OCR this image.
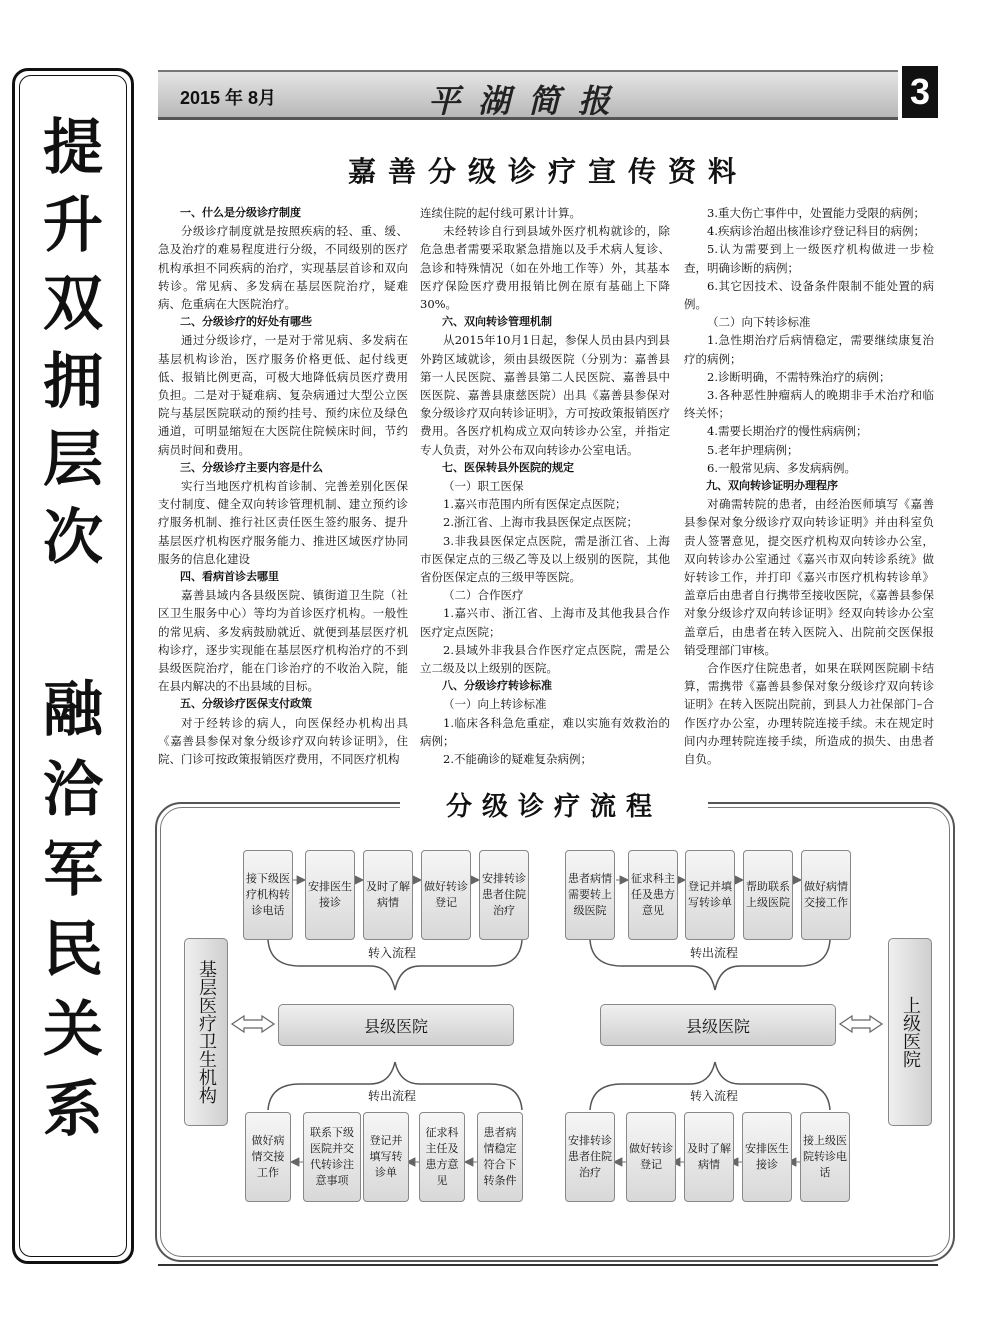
提
升
双
拥
层
次
融
洽
军
民
关
系
2015 年 8月	平湖简报	3
嘉善分级诊疗宣传资料

一、什么是分级诊疗制度

分级诊疗制度就是按照疾病的轻、重、缓、急及治疗的难易程度进行分级，不同级别的医疗机构承担不同疾病的治疗，实现基层首诊和双向转诊。常见病、多发病在基层医院治疗，疑难病、危重病在大医院治疗。

二、分级诊疗的好处有哪些

通过分级诊疗，一是对于常见病、多发病在基层机构诊治，医疗服务价格更低、起付线更低、报销比例更高，可极大地降低病员医疗费用负担。二是对于疑难病、复杂病通过大型公立医院与基层医院联动的预约挂号、预约床位及绿色通道，可明显缩短在大医院住院候床时间，节约病员时间和费用。

三、分级诊疗主要内容是什么

实行当地医疗机构首诊制、完善差别化医保支付制度、健全双向转诊管理机制、建立预约诊疗服务机制、推行社区责任医生签约服务、提升基层医疗机构医疗服务能力、推进区域医疗协同服务的信息化建设

四、看病首诊去哪里

嘉善县域内各县级医院、镇街道卫生院（社区卫生服务中心）等均为首诊医疗机构。一般性的常见病、多发病鼓励就近、就便到基层医疗机构诊疗，逐步实现能在基层医疗机构治疗的不到县级医院治疗，能在门诊治疗的不收治入院，能在县内解决的不出县域的目标。

五、分级诊疗医保支付政策

对于经转诊的病人，向医保经办机构出具《嘉善县参保对象分级诊疗双向转诊证明》，住院、门诊可按政策报销医疗费用，不同医疗机构

连续住院的起付线可累计计算。

未经转诊自行到县域外医疗机构就诊的，除危急患者需要采取紧急措施以及手术病人复诊、急诊和特殊情况（如在外地工作等）外，其基本医疗保险医疗费用报销比例在原有基础上下降30%。

六、双向转诊管理机制

从2015年10月1日起，参保人员由县内到县外跨区域就诊，须由县级医院（分别为：嘉善县第一人民医院、嘉善县第二人民医院、嘉善县中医医院、嘉善县康慈医院）出具《嘉善县参保对象分级诊疗双向转诊证明》，方可按政策报销医疗费用。各医疗机构成立双向转诊办公室，并指定专人负责，对外公布双向转诊办公室电话。

七、医保转县外医院的规定

（一）职工医保

1.嘉兴市范围内所有医保定点医院；

2.浙江省、上海市我县医保定点医院；

3.非我县医保定点医院，需是浙江省、上海市医保定点的三级乙等及以上级别的医院，其他省份医保定点的三级甲等医院。

（二）合作医疗

1.嘉兴市、浙江省、上海市及其他我县合作医疗定点医院；

2.县域外非我县合作医疗定点医院，需是公立二级及以上级别的医院。

八、分级诊疗转诊标准

（一）向上转诊标准

1.临床各科急危重症，难以实施有效救治的病例；

2.不能确诊的疑难复杂病例；

3.重大伤亡事件中，处置能力受限的病例；

4.疾病诊治超出核准诊疗登记科目的病例；

5.认为需要到上一级医疗机构做进一步检查，明确诊断的病例；

6.其它因技术、设备条件限制不能处置的病例。

（二）向下转诊标准

1.急性期治疗后病情稳定，需要继续康复治疗的病例；

2.诊断明确，不需特殊治疗的病例；

3.各种恶性肿瘤病人的晚期非手术治疗和临终关怀；

4.需要长期治疗的慢性病病例；

5.老年护理病例；

6.一般常见病、多发病病例。

九、双向转诊证明办理程序

对确需转院的患者，由经治医师填写《嘉善县参保对象分级诊疗双向转诊证明》并由科室负责人签署意见，提交医疗机构双向转诊办公室，双向转诊办公室通过《嘉兴市双向转诊系统》做好转诊工作，并打印《嘉兴市医疗机构转诊单》盖章后由患者自行携带至接收医院，《嘉善县参保对象分级诊疗双向转诊证明》经双向转诊办公室盖章后，由患者在转入医院入、出院前交医保报销受理部门审核。

合作医疗住院患者，如果在联网医院刷卡结算，需携带《嘉善县参保对象分级诊疗双向转诊证明》在转入医院出院前，到县人力社保部门–合作医疗办公室，办理转院连接手续。未在规定时间内办理转院连接手续，所造成的损失、由患者自负。

分级诊疗流程
转入流程	转出流程
转出流程	转入流程
基层医疗卫生机构	上级医院
县级医院	县级医院
接下级医疗机构转诊电话
安排医生接诊
及时了解病情
做好转诊登记
安排转诊患者住院治疗
患者病情需要转上级医院
征求科主任及患方意见
登记并填写转诊单
帮助联系上级医院
做好病情交接工作
做好病情交接工作
联系下级医院并交代转诊注意事项
登记并填写转诊单
征求科主任及患方意见
患者病情稳定符合下转条件
安排转诊患者住院治疗
做好转诊登记
及时了解病情
安排医生接诊
接上级医院转诊电话
